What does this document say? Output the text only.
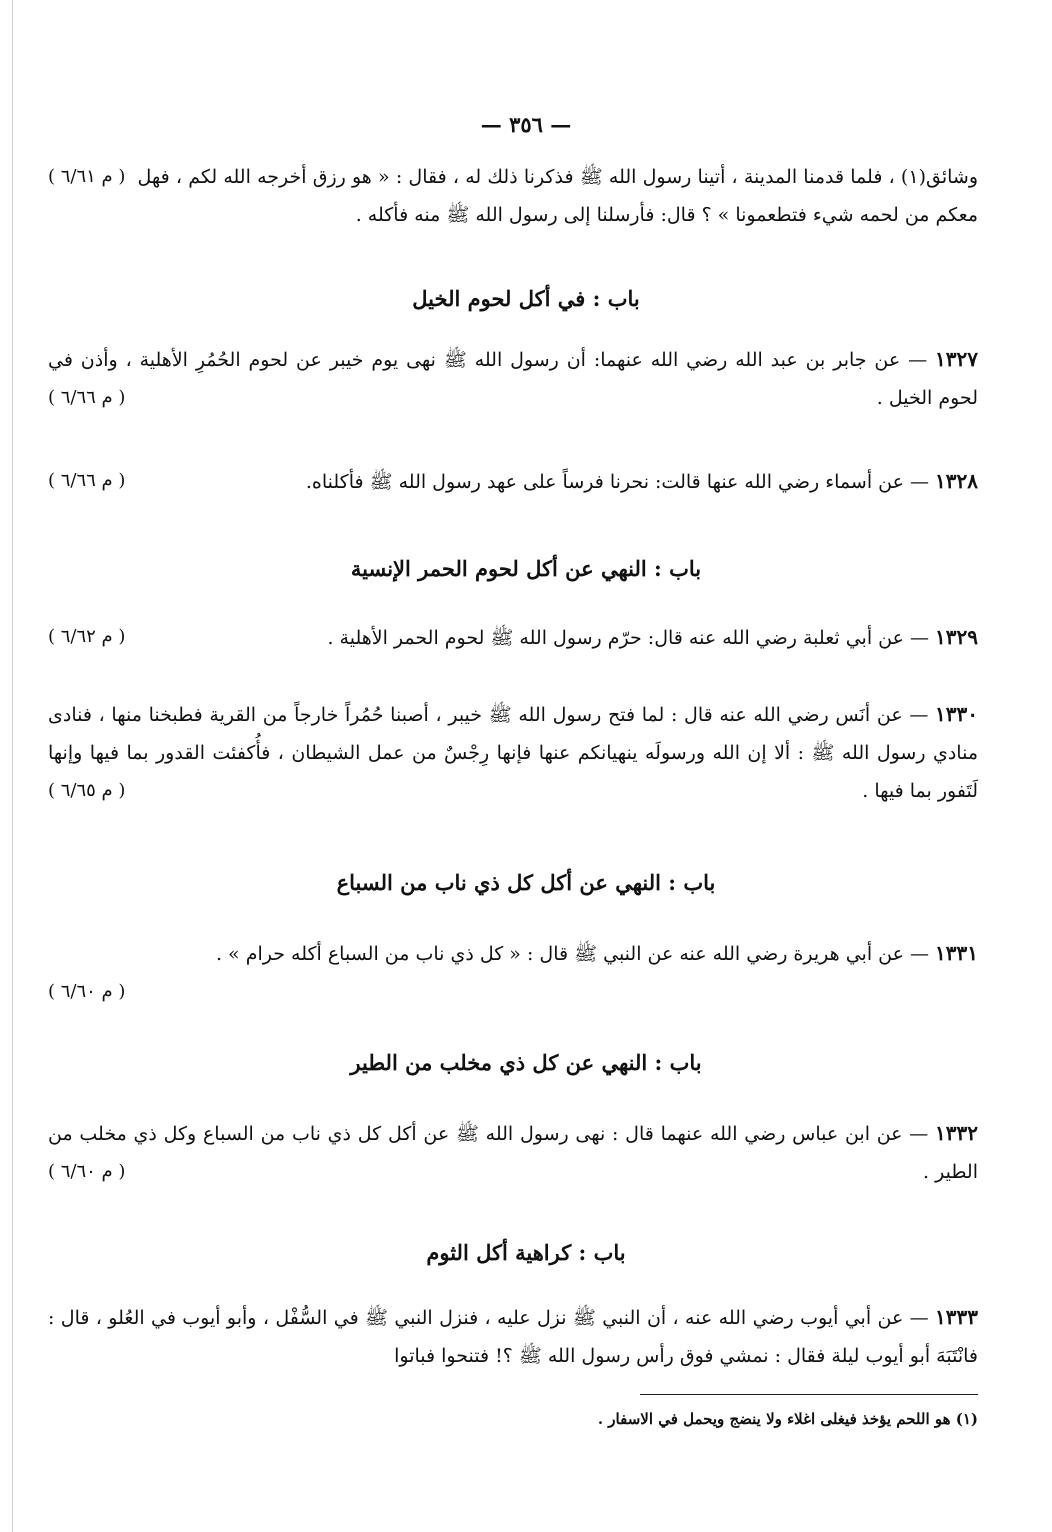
— ٣٥٦ —
( م ٦/٦١ ) وشائق(١) ، فلما قدمنا المدينة ، أتينا رسول الله ﷺ فذكرنا ذلك له ، فقال : « هو رزق أخرجه الله لكم ، فهل معكم من لحمه شيء فتطعمونا » ؟ قال: فأرسلنا إلى رسول الله ﷺ منه فأكله .
باب : في أكل لحوم الخيل
١٣٢٧ — عن جابر بن عبد الله رضي الله عنهما: أن رسول الله ﷺ نهى يوم خيبر عن لحوم الحُمُرِ الأهلية ، وأذن في لحوم الخيل .
( م ٦/٦٦ )
( م ٦/٦٦ )	١٣٢٨ — عن أسماء رضي الله عنها قالت: نحرنا فرساً على عهد رسول الله ﷺ فأكلناه.
باب : النهي عن أكل لحوم الحمر الإنسية
( م ٦/٦٢ )	١٣٢٩ — عن أبي ثعلبة رضي الله عنه قال: حرّم رسول الله ﷺ لحوم الحمر الأهلية .
١٣٣٠ — عن أنَس رضي الله عنه قال : لما فتح رسول الله ﷺ خيبر ، أصبنا حُمُراً خارجاً من القرية فطبخنا منها ، فنادى منادي رسول الله ﷺ : ألا إن الله ورسولَه ينهيانكم عنها فإنها رِجْسٌ من عمل الشيطان ، فأُكفئت القدور بما فيها وإنها لَتَفور بما فيها .
( م ٦/٦٥ )
باب : النهي عن أكل كل ذي ناب من السباع
١٣٣١ — عن أبي هريرة رضي الله عنه عن النبي ﷺ قال : « كل ذي ناب من السباع أكله حرام » .
( م ٦/٦٠ )
باب : النهي عن كل ذي مخلب من الطير
١٣٣٢ — عن ابن عباس رضي الله عنهما قال : نهى رسول الله ﷺ عن أكل كل ذي ناب من السباع وكل ذي مخلب من الطير .
( م ٦/٦٠ )
باب : كراهية أكل الثوم
١٣٣٣ — عن أبي أيوب رضي الله عنه ، أن النبي ﷺ نزل عليه ، فنزل النبي ﷺ في السُّفْل ، وأبو أيوب في العُلو ، قال : فانْتَبَهَ أبو أيوب ليلة فقال : نمشي فوق رأس رسول الله ﷺ ؟! فتنحوا فباتوا
(١) هو اللحم يؤخذ فيغلى اغلاء ولا ينضج ويحمل في الاسفار .
